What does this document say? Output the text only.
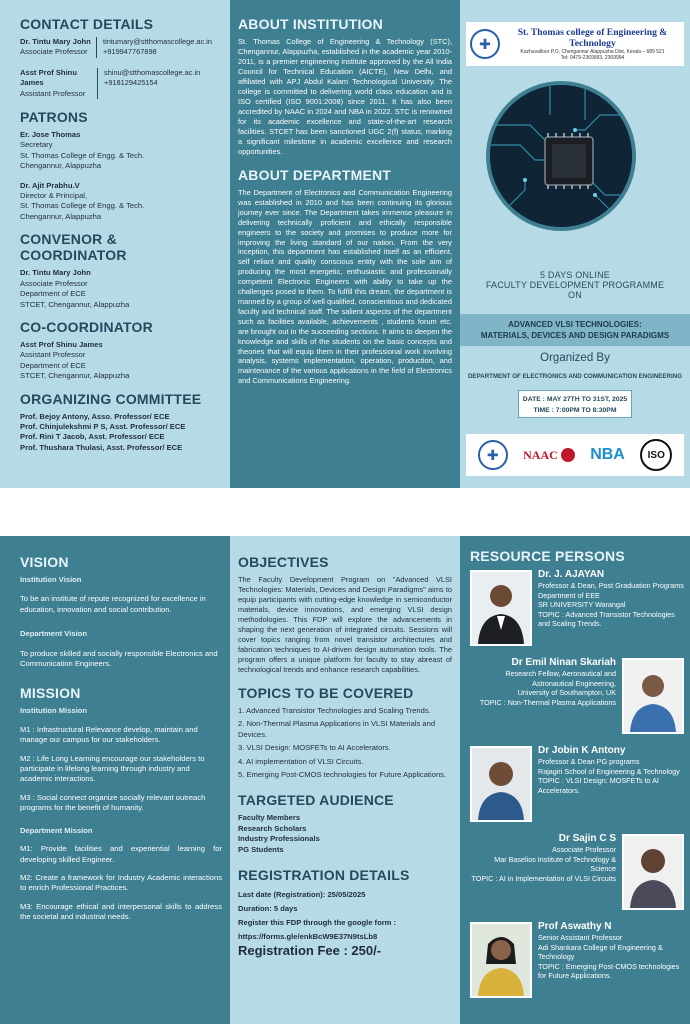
CONTACT DETAILS
Dr. Tintu Mary John
Associate Professor
tintumary@stthomascollege.ac.in
+919947767898
Asst Prof Shinu James
Assistant Professor
shinu@stthomascollege.ac.in
+918129425154
PATRONS
Er. Jose Thomas
Secretary
St. Thomas College of Engg. & Tech.
Chengannur, Alappuzha
Dr. Ajit Prabhu.V
Director & Principal,
St. Thomas College of Engg. & Tech.
Chengannur, Alappuzha
CONVENOR & COORDINATOR
Dr. Tintu Mary John
Associate Professor
Department of ECE
STCET, Chengannur, Alappuzha
CO-COORDINATOR
Asst Prof Shinu James
Assistant Professor
Department of ECE
STCET, Chengannur, Alappuzha
ORGANIZING COMMITTEE
Prof. Bejoy Antony, Asso. Professor/ ECE
Prof. Chinjulekshmi P S, Asst. Professor/ ECE
Prof. Rini T Jacob, Asst. Professor/ ECE
Prof. Thushara Thulasi, Asst. Professor/ ECE
ABOUT INSTITUTION

St. Thomas College of Engineering & Technology (STC), Chengannur, Alappuzha, established in the academic year 2010-2011, is a premier engineering institute approved by the All India Council for Technical Education (AICTE), New Delhi, and affiliated with APJ Abdul Kalam Technological University. The college is committed to delivering world class education and is ISO certified (ISO 9001:2008) since 2011. It has also been accredited by NAAC in 2024 and NBA in 2022. STC is renowned for its academic excellence and state-of-the-art research facilities. STCET has been sanctioned UGC 2(f) status, marking a significant milestone in academic excellence and research opportunities.

ABOUT DEPARTMENT

The Department of Electronics and Communication Engineering was established in 2010 and has been continuing its glorious journey ever since. The Department takes immense pleasure in delivering technically proficient and ethically responsible engineers to the society and promises to produce more for improving the living standard of our nation. From the very inception, this department has established itself as an efficient, self reliant and quality conscious entity with the sole aim of producing the most energetic, enthusiastic and professionally competent Electronic Engineers with ability to take up the challenges posed to them. To fulfill this dream, the department is manned by a group of well qualified, conscientious and dedicated faculty and technical staff. The salient aspects of the department such as facilities available, achievements , students forum etc. are brought out in the succeeding sections. It aims to deepen the knowledge and skills of the students on the basic concepts and theories that will equip them in their professional work involving analysis, systems implementation, operation, production, and maintenance of the various applications in the field of Electronics and Communications Engineering.

✚
St. Thomas college of Engineering & Technology
Kozhuvalloor P.O, Chengannur Alappuzha Dist, Kerala – 689 521
Tel: 0479-2369993, 2369994
5 DAYS ONLINE
FACULTY DEVELOPMENT PROGRAMME
ON
ADVANCED VLSI TECHNOLOGIES:
MATERIALS, DEVICES AND DESIGN PARADIGMS
Organized By
DEPARTMENT OF ELECTRONICS AND COMMUNICATION ENGINEERING
DATE : MAY 27TH TO 31ST, 2025
TIME : 7:00PM TO 8:30PM
✚	NAAC NBA	ISO
VISION
Institution Vision

To be an institute of repute recognized for excellence in education, innovation and social contribution.

Department Vision

To produce skilled and socially responsible Electronics and Communication Engineers.

MISSION
Institution Mission

M1 : Infrastructural Relevance develop, maintain and manage our campus for our stakeholders.

M2 : Life Long Learning encourage our stakeholders to participate in lifelong learning through industry and academic interactions.

M3 : Social connect organize socially relevant outreach programs for the benefit of humanity.

Department Mission

M1: Provide facilities and experiential learning for developing skilled Engineer.

M2: Create a framework for Industry Academic interactions to enrich Professional Practices.

M3: Encourage ethical and interpersonal skills to address the societal and industrial needs.

OBJECTIVES

The Faculty Development Program on "Advanced VLSI Technologies: Materials, Devices and Design Paradigms" aims to equip participants with cutting-edge knowledge in semiconductor materials, device innovations, and emerging VLSI design methodologies. This FDP will explore the advancements in shaping the next generation of integrated circuits. Sessions will cover topics ranging from novel transistor architectures and fabrication techniques to AI-driven design automation tools. The program offers a unique platform for faculty to stay abreast of technological trends and enhance research capabilities.

TOPICS TO BE COVERED
1. Advanced Transistor Technologies and Scaling Trends.
2. Non-Thermal Plasma Applications in VLSI Materials and Devices.
3. VLSI Design: MOSFETs to AI Accelerators.
4. AI implementation of VLSI Circuits.
5. Emerging Post-CMOS technologies for Future Applications.
TARGETED AUDIENCE
Faculty Members
Research Scholars
Industry Professionals
PG Students
REGISTRATION DETAILS
Last date (Registration): 25/05/2025
Duration: 5 days
Register this FDP through the google form :
https://forms.gle/enkBcW9E37N9tsLb8
Registration Fee : 250/-
RESOURCE PERSONS
Dr. J. AJAYAN
Professor & Dean, Post Graduation Programs
Department of EEE
SR UNIVERSITY Warangal
TOPIC : Advanced Transistor Technologies and Scaling Trends.
Dr Emil Ninan Skariah
Research Fellow, Aeronautical and Astronautical Engineering,
University of Southampton, UK
TOPIC : Non-Thermal Plasma Applications
Dr Jobin K Antony
Professor & Dean PG programs
Rajagiri School of Engineering & Technology
TOPIC : VLSI Design: MOSFETs to AI Accelerators.
Dr Sajin C S
Associate Professor
Mar Baselios Institute of Technology & Science
TOPIC : AI in Implementation of VLSI Circuits
Prof Aswathy N
Senior Assistant Professor
Adi Shankara College of Engineering & Technology
TOPIC : Emerging Post-CMOS technologies for Future Applications.
